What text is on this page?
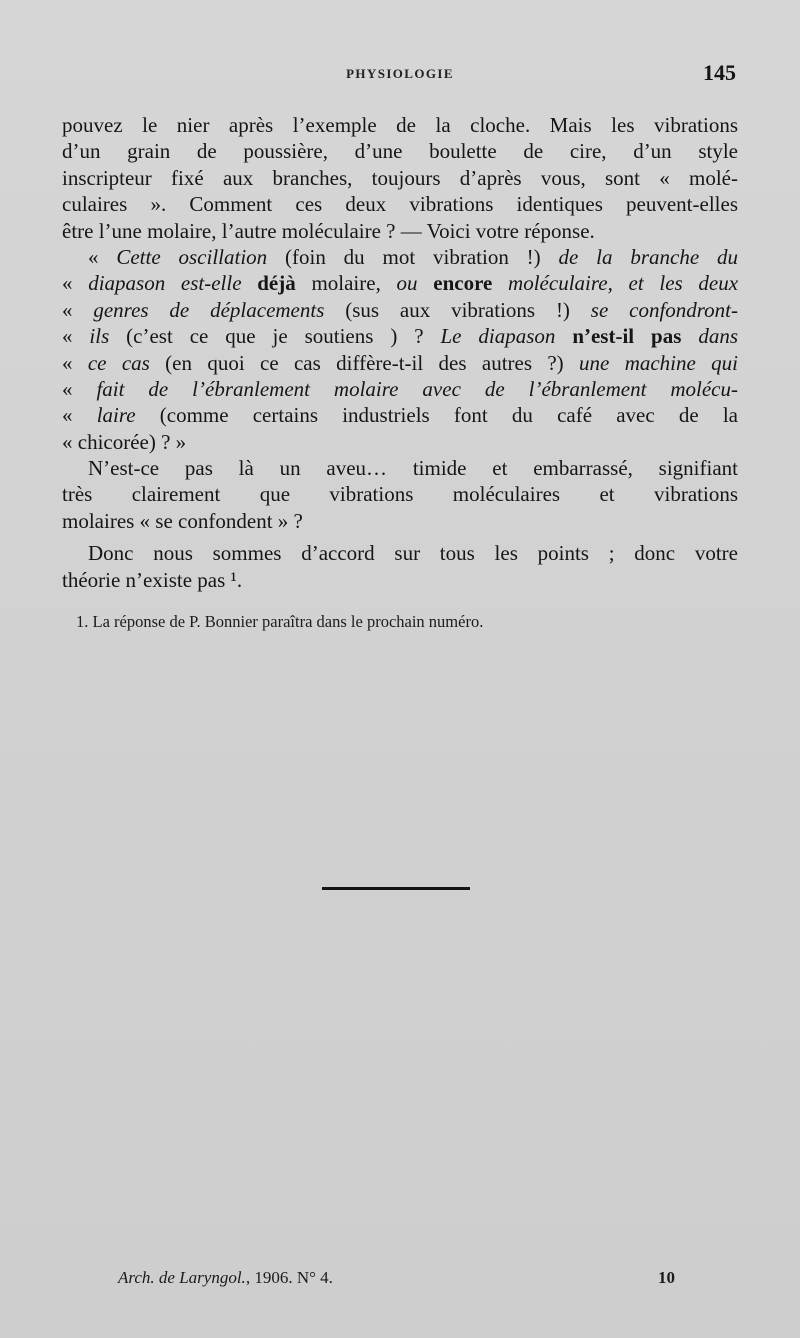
PHYSIOLOGIE	145
pouvez le nier après l’exemple de la cloche. Mais les vibrations
d’un grain de poussière, d’une boulette de cire, d’un style
inscripteur fixé aux branches, toujours d’après vous, sont « molé-
culaires ». Comment ces deux vibrations identiques peuvent-elles
être l’une molaire, l’autre moléculaire ? — Voici votre réponse.
« Cette oscillation (foin du mot vibration !) de la branche du
« diapason est-elle déjà molaire, ou encore moléculaire, et les deux
« genres de déplacements (sus aux vibrations !) se confondront-
« ils (c’est ce que je soutiens ) ? Le diapason n’est-il pas dans
« ce cas (en quoi ce cas diffère-t-il des autres ?) une machine qui
« fait de l’ébranlement molaire avec de l’ébranlement molécu-
« laire (comme certains industriels font du café avec de la
« chicorée) ? »
N’est-ce pas là un aveu… timide et embarrassé, signifiant
très clairement que vibrations moléculaires et vibrations
molaires « se confondent » ?
Donc nous sommes d’accord sur tous les points ; donc votre
théorie n’existe pas ¹.
1. La réponse de P. Bonnier paraîtra dans le prochain numéro.
Arch. de Laryngol., 1906. N° 4.	10
